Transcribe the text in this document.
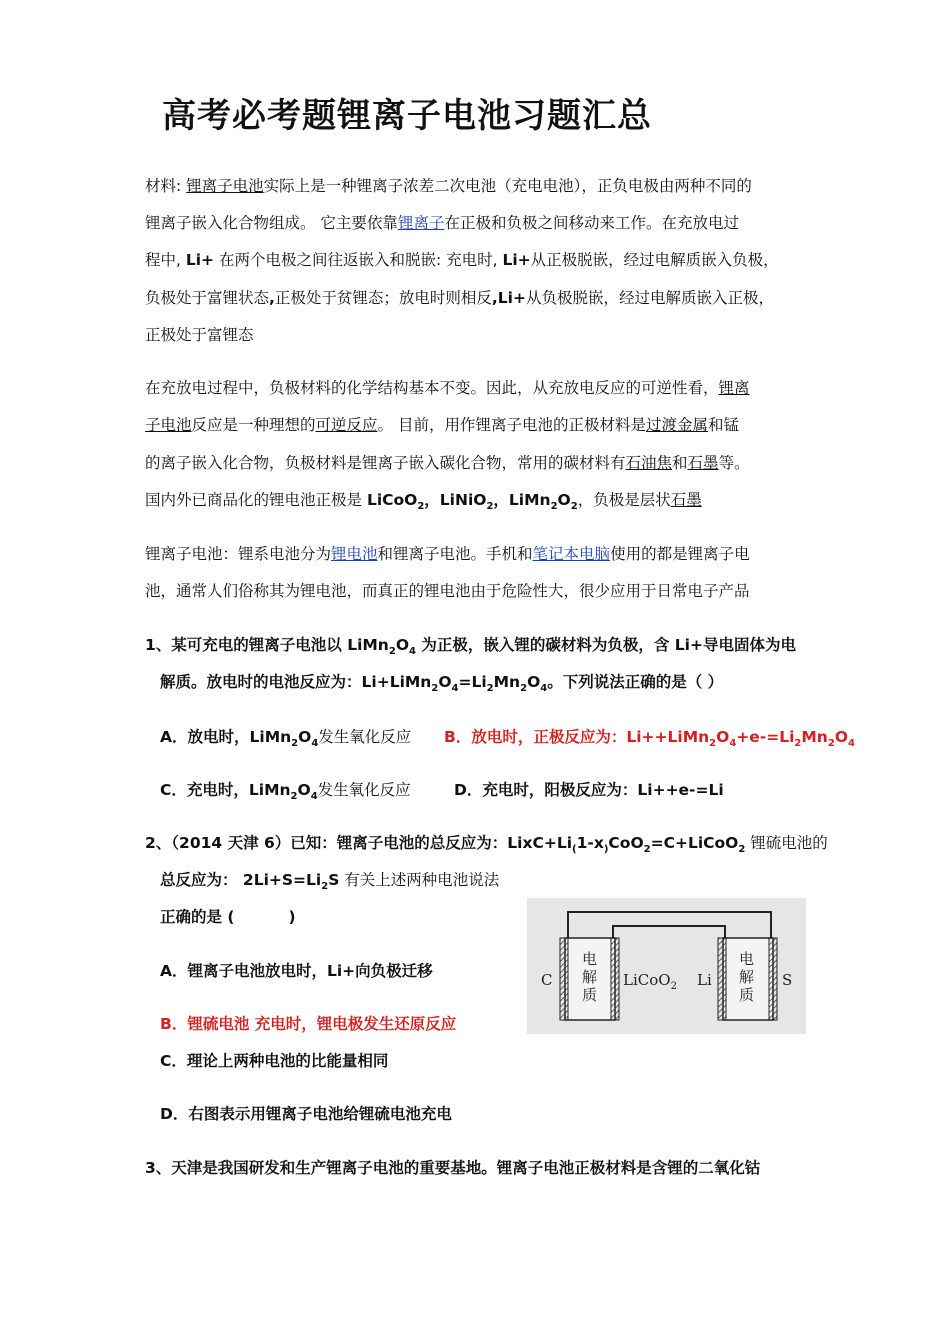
高考必考题锂离子电池习题汇总
材料: 锂离子电池实际上是一种锂离子浓差二次电池（充电电池），正负电极由两种不同的
锂离子嵌入化合物组成。 它主要依靠锂离子在正极和负极之间移动来工作。在充放电过
程中, Li+ 在两个电极之间往返嵌入和脱嵌: 充电时, Li+从正极脱嵌，经过电解质嵌入负极，
负极处于富锂状态,正极处于贫锂态；放电时则相反,Li+从负极脱嵌，经过电解质嵌入正极，
正极处于富锂态
在充放电过程中，负极材料的化学结构基本不变。因此，从充放电反应的可逆性看，锂离
子电池反应是一种理想的可逆反应。 目前，用作锂离子电池的正极材料是过渡金属和锰
的离子嵌入化合物，负极材料是锂离子嵌入碳化合物，常用的碳材料有石油焦和石墨等。
国内外已商品化的锂电池正极是 LiCoO$_2$，LiNiO$_2$，$LiMn_2O_2$，负极是层状石墨
锂离子电池：锂系电池分为锂电池和锂离子电池。手机和笔记本电脑使用的都是锂离子电
池，通常人们俗称其为锂电池，而真正的锂电池由于危险性大，很少应用于日常电子产品
1、某可充电的锂离子电池以 $LiMn_2O_4$ 为正极，嵌入锂的碳材料为负极，含 Li+导电固体为电
解质。放电时的电池反应为：$Li+LiMn_2O_4=Li_2Mn_2O_4$。下列说法正确的是（ ）
A．放电时，$LiMn_2O_4$发生氧化反应 B．放电时，正极反应为：$Li++LiMn_2O_4+e-=Li_2Mn_2O_4$
C．充电时，$LiMn_2O_4$发生氧化反应	D．充电时，阳极反应为：Li++e-=Li
2、（2014 天津 6）已知：锂离子电池的总反应为：$LixC+Li_(1-x_)CoO_2=C+LiCoO_2$ 锂硫电池的
总反应为： $2Li+S=Li_2S$ 有关上述两种电池说法
正确的是 (	)
A．锂离子电池放电时，Li+向负极迁移
B．锂硫电池 充电时，锂电极发生还原反应
C．理论上两种电池的比能量相同
D．右图表示用锂离子电池给锂硫电池充电
3、天津是我国研发和生产锂离子电池的重要基地。锂离子电池正极材料是含锂的二氧化钴
C
电
解
质
LiCoO$_2$ Li
电
解
质
S
